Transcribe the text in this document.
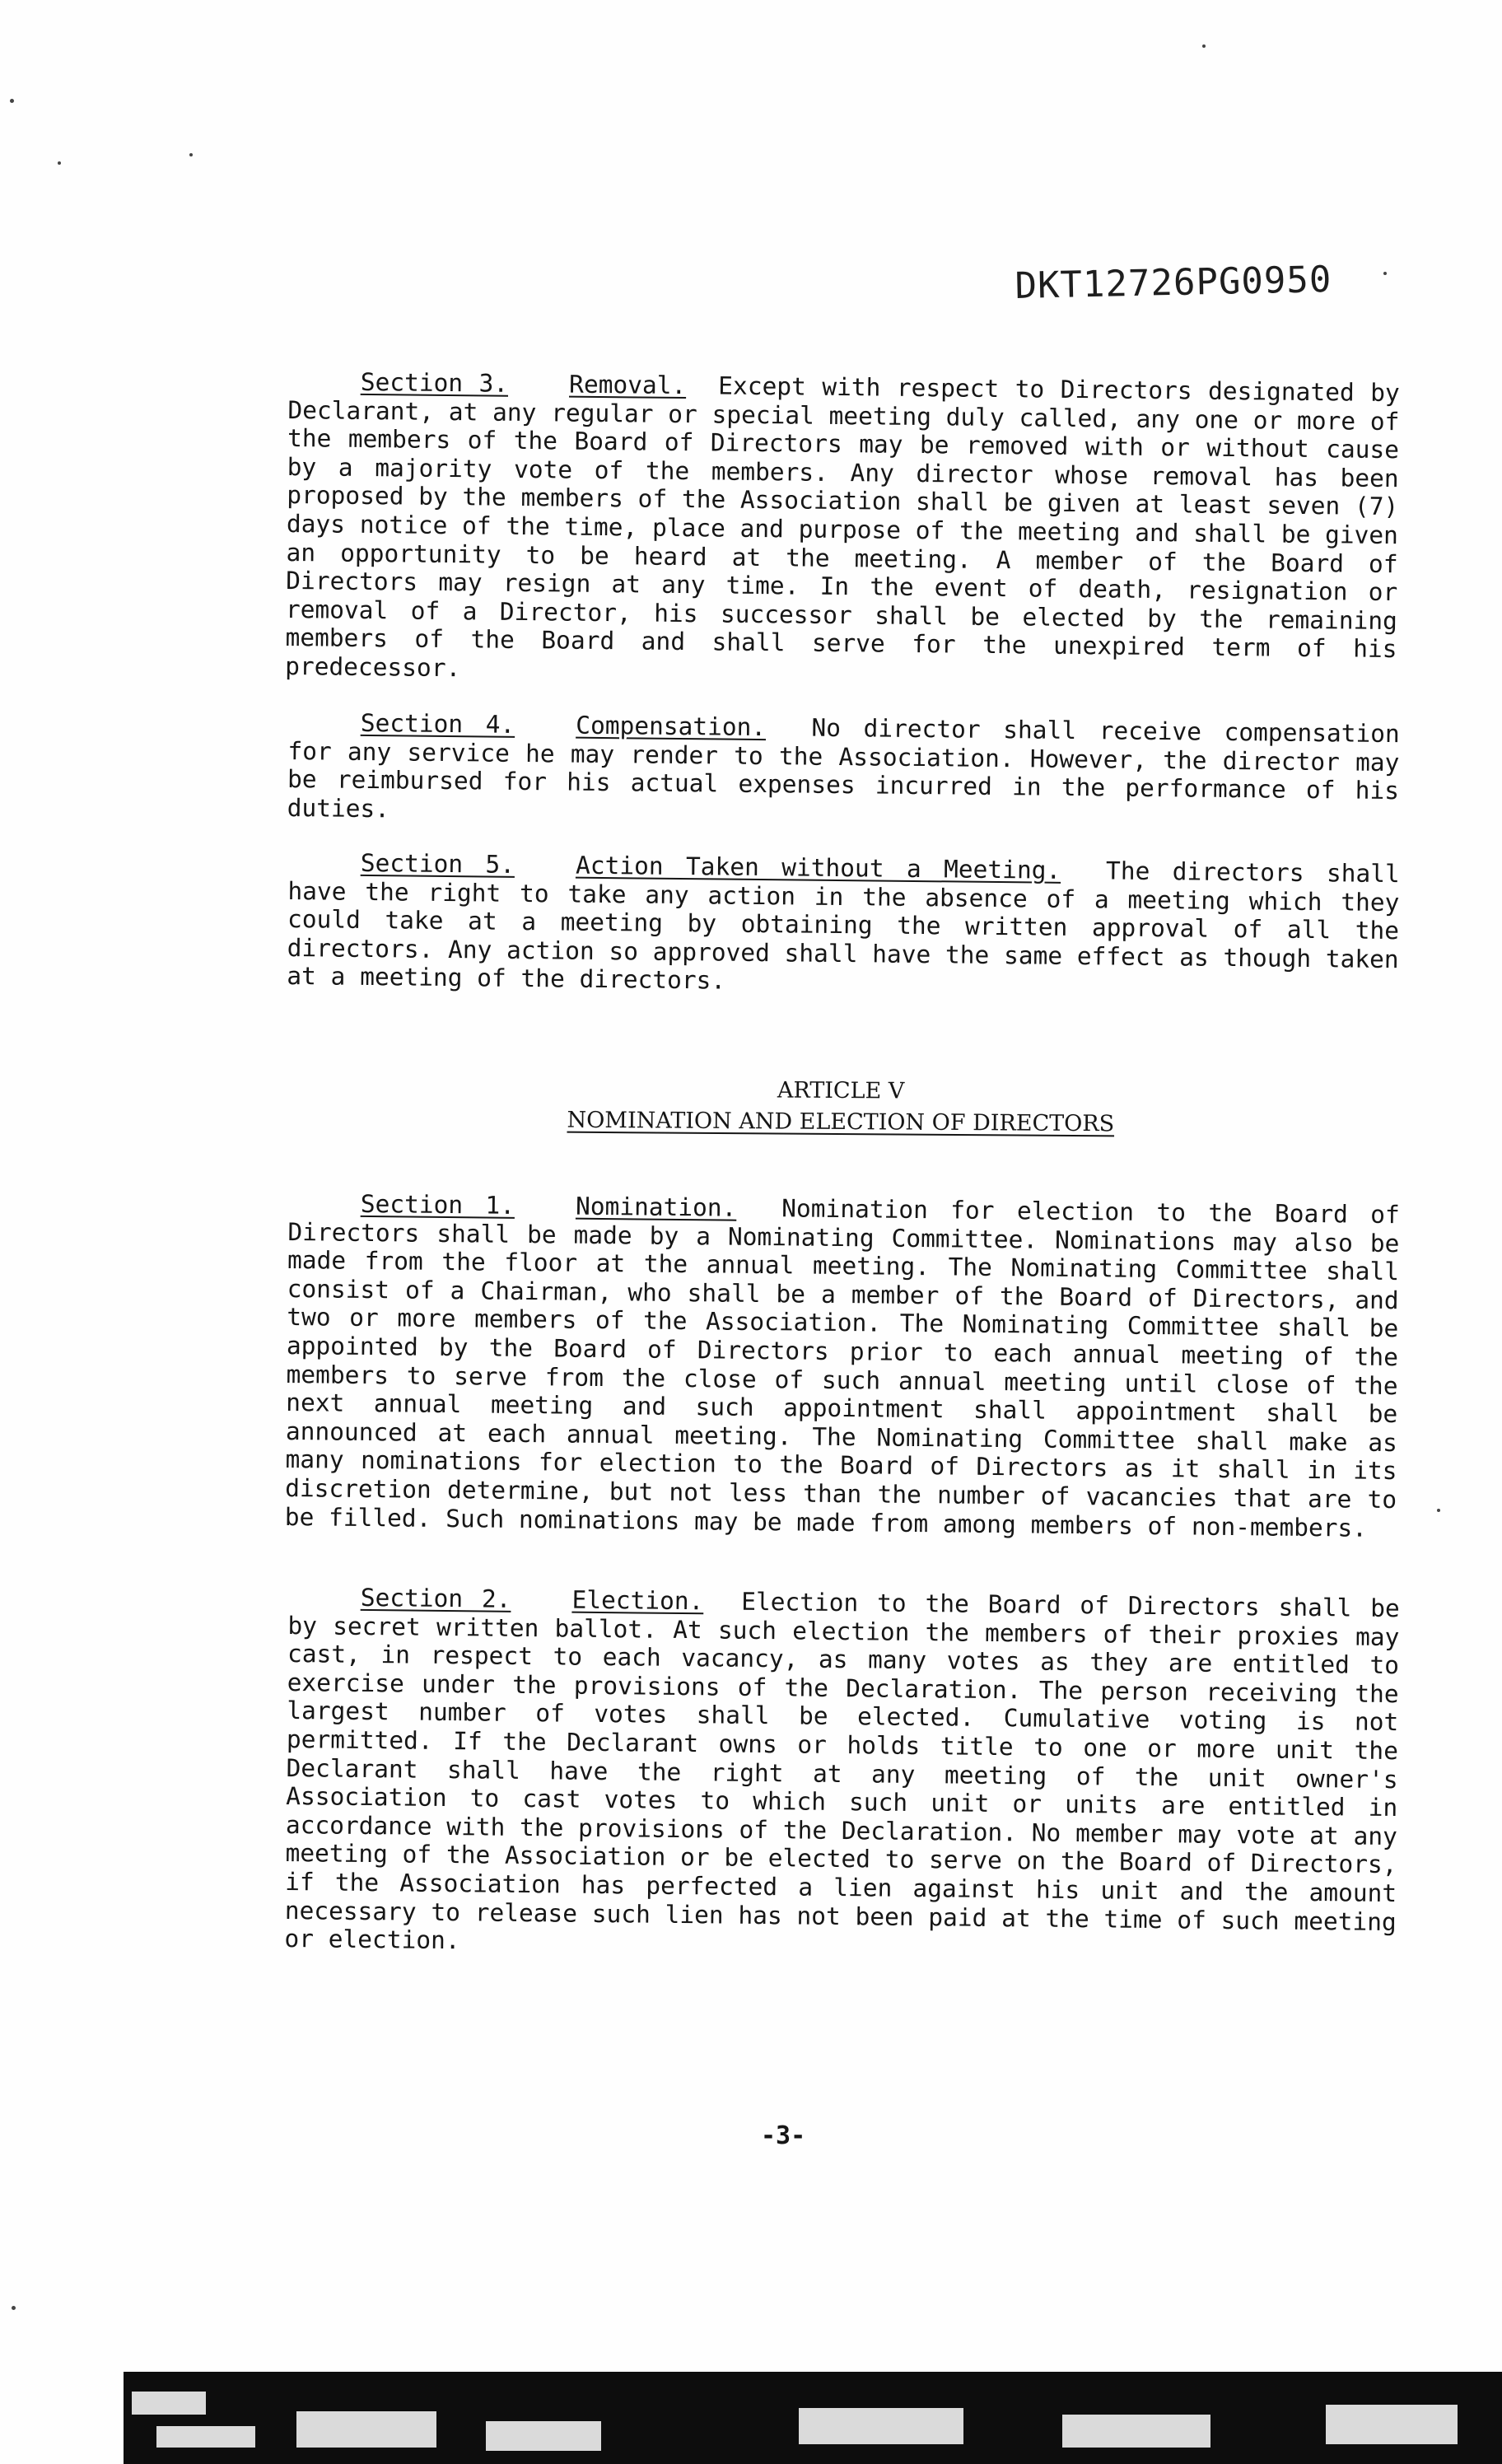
DKT12726PG0950

Section 3. Removal. Except with respect to Directors designated by Declarant, at any regular or special meeting duly called, any one or more of the members of the Board of Directors may be removed with or without cause by a majority vote of the members. Any director whose removal has been proposed by the members of the Association shall be given at least seven (7) days notice of the time, place and purpose of the meeting and shall be given an opportunity to be heard at the meeting. A member of the Board of Directors may resign at any time. In the event of death, resignation or removal of a Director, his successor shall be elected by the remaining members of the Board and shall serve for the unexpired term of his predecessor.

Section 4. Compensation. No director shall receive compensation for any service he may render to the Association. However, the director may be reimbursed for his actual expenses incurred in the performance of his duties.

Section 5. Action Taken without a Meeting. The directors shall have the right to take any action in the absence of a meeting which they could take at a meeting by obtaining the written approval of all the directors. Any action so approved shall have the same effect as though taken at a meeting of the directors.

ARTICLE V
NOMINATION AND ELECTION OF DIRECTORS

Section 1. Nomination. Nomination for election to the Board of Directors shall be made by a Nominating Committee. Nominations may also be made from the floor at the annual meeting. The Nominating Committee shall consist of a Chairman, who shall be a member of the Board of Directors, and two or more members of the Association. The Nominating Committee shall be appointed by the Board of Directors prior to each annual meeting of the members to serve from the close of such annual meeting until close of the next annual meeting and such appointment shall appointment shall be announced at each annual meeting. The Nominating Committee shall make as many nominations for election to the Board of Directors as it shall in its discretion determine, but not less than the number of vacancies that are to be filled. Such nominations may be made from among members of non-members.

Section 2. Election. Election to the Board of Directors shall be by secret written ballot. At such election the members of their proxies may cast, in respect to each vacancy, as many votes as they are entitled to exercise under the provisions of the Declaration. The person receiving the largest number of votes shall be elected. Cumulative voting is not permitted. If the Declarant owns or holds title to one or more unit the Declarant shall have the right at any meeting of the unit owner's Association to cast votes to which such unit or units are entitled in accordance with the provisions of the Declaration. No member may vote at any meeting of the Association or be elected to serve on the Board of Directors, if the Association has perfected a lien against his unit and the amount necessary to release such lien has not been paid at the time of such meeting or election.

-3-
